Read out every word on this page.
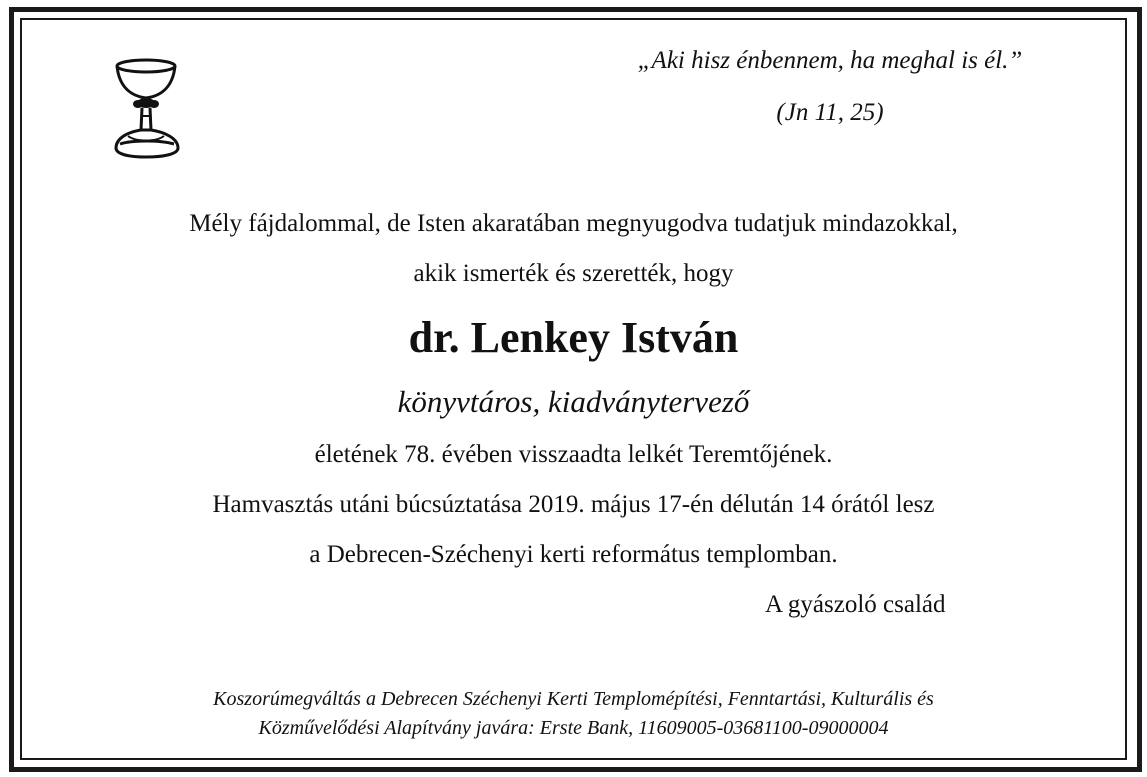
„Aki hisz énbennem, ha meghal is él.”
(Jn 11, 25)
Mély fájdalommal, de Isten akaratában megnyugodva tudatjuk mindazokkal,
akik ismerték és szerették, hogy
dr. Lenkey István
könyvtáros, kiadványtervező
életének 78. évében visszaadta lelkét Teremtőjének.
Hamvasztás utáni búcsúztatása 2019. május 17-én délután 14 órától lesz
a Debrecen-Széchenyi kerti református templomban.
A gyászoló család
Koszorúmegváltás a Debrecen Széchenyi Kerti Templomépítési, Fenntartási, Kulturális és
Közművelődési Alapítvány javára: Erste Bank, 11609005-03681100-09000004
